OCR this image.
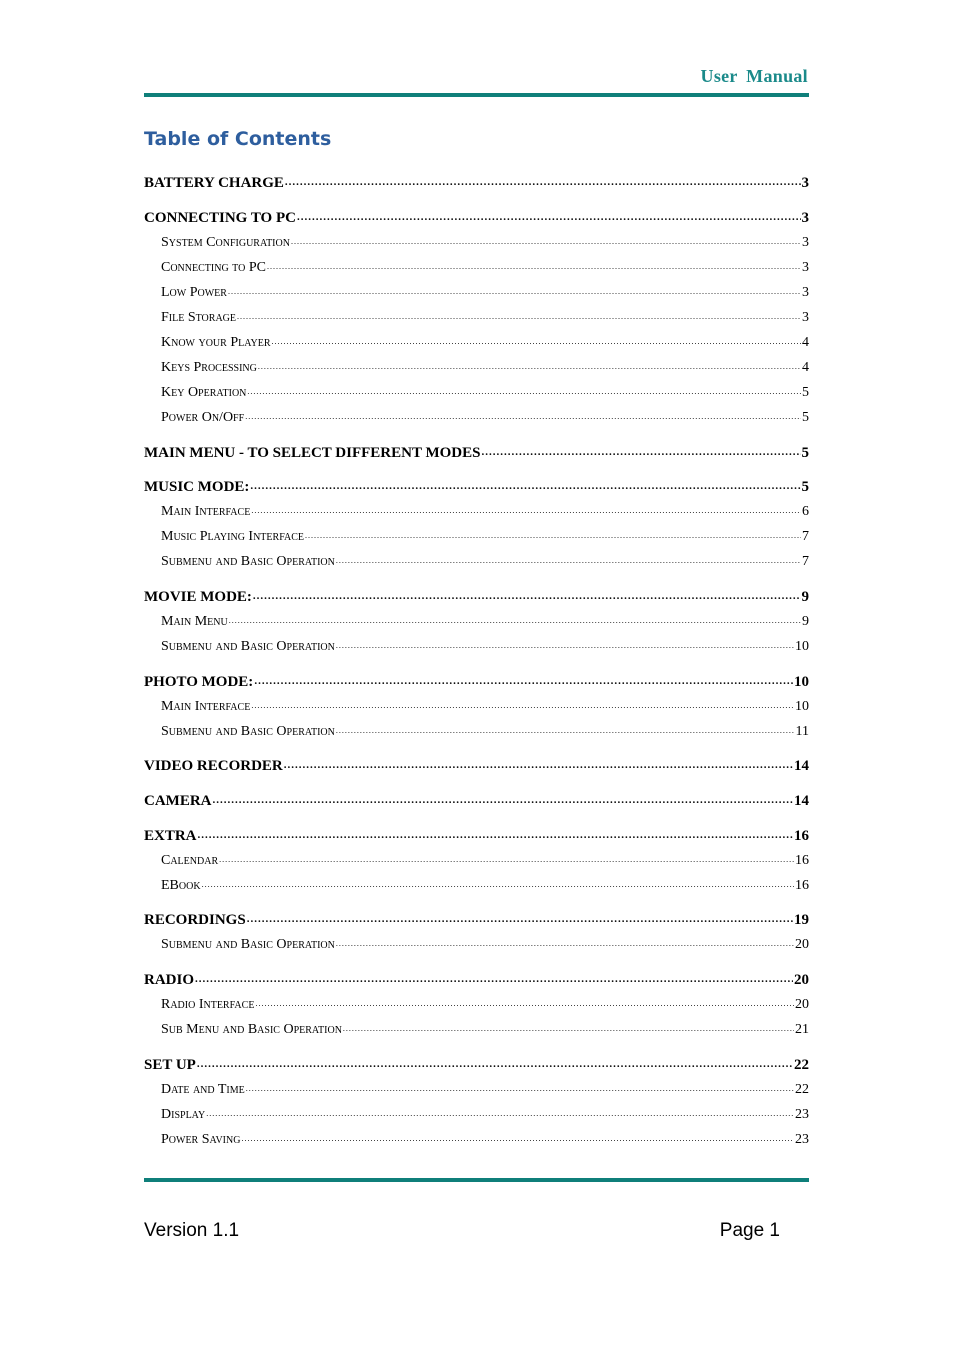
User Manual
Table of Contents
BATTERY CHARGE .....	3
CONNECTING TO PC .....	3
System Configuration .....	3
Connecting to PC .....	3
Low Power .....	3
File Storage .....	3
Know your Player .....	4
Keys Processing .....	4
Key Operation .....	5
Power On/Off .....	5
MAIN MENU - TO SELECT DIFFERENT MODES .....	5
MUSIC MODE: .....	5
Main Interface .....	6
Music Playing Interface .....	7
Submenu and Basic Operation .....	7
MOVIE MODE: .....	9
Main Menu .....	9
Submenu and Basic Operation .....	10
PHOTO MODE: .....	10
Main Interface .....	10
Submenu and Basic Operation .....	11
VIDEO RECORDER .....	14
CAMERA .....	14
EXTRA .....	16
Calendar .....	16
EBook .....	16
RECORDINGS .....	19
Submenu and Basic Operation .....	20
RADIO .....	20
Radio Interface .....	20
Sub Menu and Basic Operation .....	21
SET UP .....	22
Date and Time .....	22
Display .....	23
Power Saving .....	23
Version 1.1	Page 1
